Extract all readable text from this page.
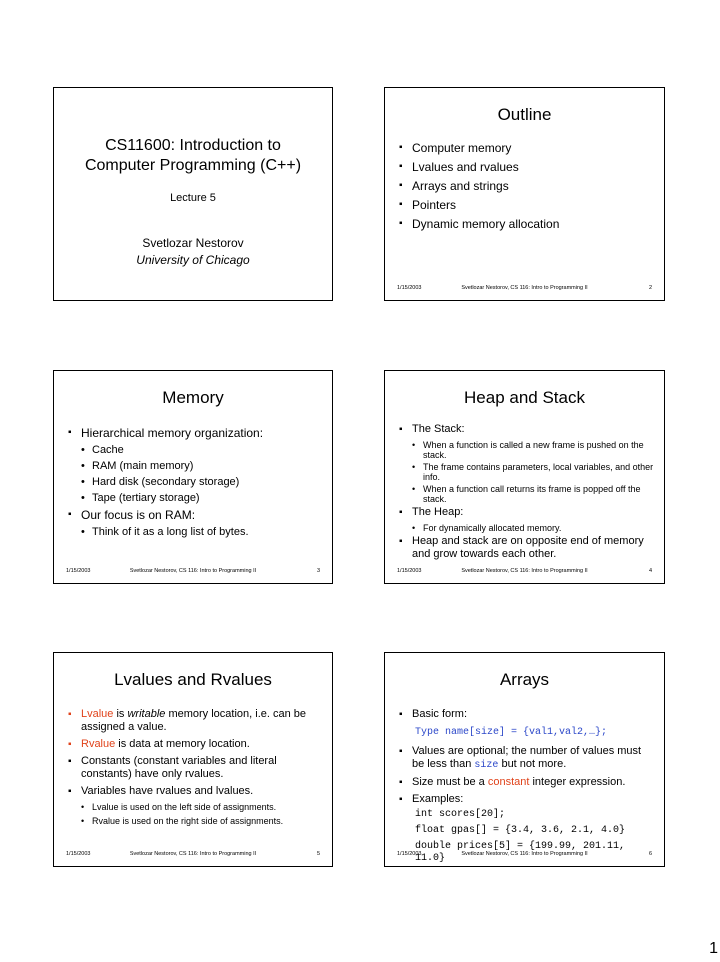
CS11600: Introduction to
Computer Programming (C++)
Lecture 5
Svetlozar Nestorov
University of Chicago
Outline
▪ Computer memory
▪ Lvalues and rvalues
▪ Arrays and strings
▪ Pointers
▪ Dynamic memory allocation
1/15/2003	Svetlozar Nestorov, CS 116: Intro to Programming II	2
Memory
▪ Hierarchical memory organization:
• Cache
• RAM (main memory)
• Hard disk (secondary storage)
• Tape (tertiary storage)
▪ Our focus is on RAM:
• Think of it as a long list of bytes.
1/15/2003	Svetlozar Nestorov, CS 116: Intro to Programming II	3
Heap and Stack
▪ The Stack:
• When a function is called a new frame is pushed on the stack.
• The frame contains parameters, local variables, and other info.
• When a function call returns its frame is popped off the stack.
▪ The Heap:
• For dynamically allocated memory.
▪ Heap and stack are on opposite end of memory and grow towards each other.
1/15/2003	Svetlozar Nestorov, CS 116: Intro to Programming II	4
Lvalues and Rvalues
▪ Lvalue is writable memory location, i.e. can be assigned a value.
▪ Rvalue is data at memory location.
▪ Constants (constant variables and literal constants) have only rvalues.
▪ Variables have rvalues and lvalues.
• Lvalue is used on the left side of assignments.
• Rvalue is used on the right side of assignments.
1/15/2003	Svetlozar Nestorov, CS 116: Intro to Programming II	5
Arrays
▪ Basic form:
Type name[size] = {val1,val2,…};
▪ Values are optional; the number of values must be less than size but not more.
▪ Size must be a constant integer expression.
▪ Examples:
int scores[20];
float gpas[] = {3.4, 3.6, 2.1, 4.0}
double prices[5] = {199.99, 201.11, 11.0}
1/15/2003	Svetlozar Nestorov, CS 116: Intro to Programming II	6
1
